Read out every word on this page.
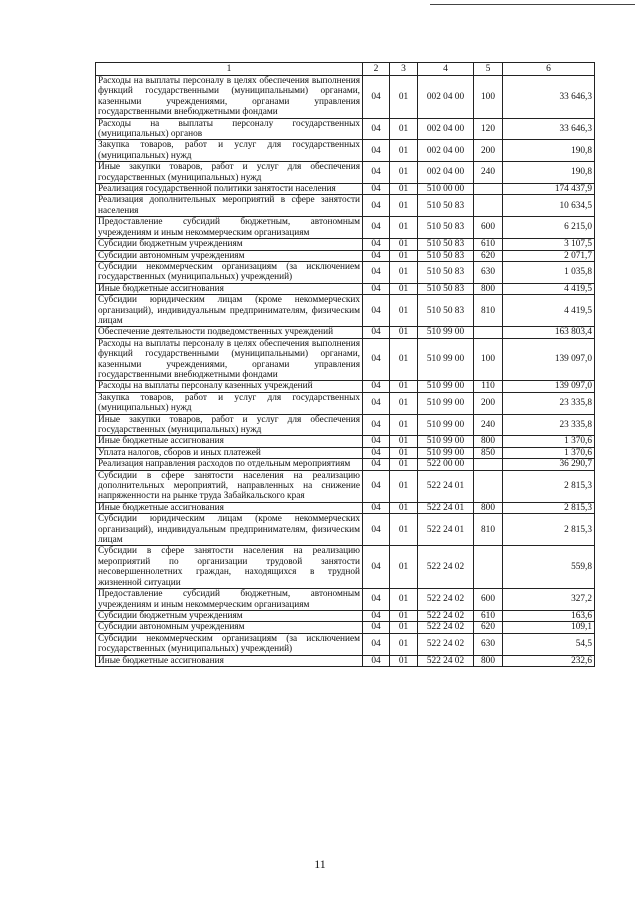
1	2	3	4	5	6
Расходы на выплаты персоналу в целях обеспечения выполнения функций государственными (муниципальными) органами, казенными учреждениями, органами управления государственными внебюджетными фондами	04	01	002 04 00	100	33 646,3
Расходы на выплаты персоналу государственных (муниципальных) органов	04	01	002 04 00	120	33 646,3
Закупка товаров, работ и услуг для государственных (муниципальных) нужд	04	01	002 04 00	200	190,8
Иные закупки товаров, работ и услуг для обеспечения государственных (муниципальных) нужд	04	01	002 04 00	240	190,8
Реализация государственной политики занятости населения	04	01	510 00 00		174 437,9
Реализация дополнительных мероприятий в сфере занятости населения	04	01	510 50 83		10 634,5
Предоставление субсидий бюджетным, автономным учреждениям и иным некоммерческим организациям	04	01	510 50 83	600	6 215,0
Субсидии бюджетным учреждениям	04	01	510 50 83	610	3 107,5
Субсидии автономным учреждениям	04	01	510 50 83	620	2 071,7
Субсидии некоммерческим организациям (за исключением государственных (муниципальных) учреждений)	04	01	510 50 83	630	1 035,8
Иные бюджетные ассигнования	04	01	510 50 83	800	4 419,5
Субсидии юридическим лицам (кроме некоммерческих организаций), индивидуальным предпринимателям, физическим лицам	04	01	510 50 83	810	4 419,5
Обеспечение деятельности подведомственных учреждений	04	01	510 99 00		163 803,4
Расходы на выплаты персоналу в целях обеспечения выполнения функций государственными (муниципальными) органами, казенными учреждениями, органами управления государственными внебюджетными фондами	04	01	510 99 00	100	139 097,0
Расходы на выплаты персоналу казенных учреждений	04	01	510 99 00	110	139 097,0
Закупка товаров, работ и услуг для государственных (муниципальных) нужд	04	01	510 99 00	200	23 335,8
Иные закупки товаров, работ и услуг для обеспечения государственных (муниципальных) нужд	04	01	510 99 00	240	23 335,8
Иные бюджетные ассигнования	04	01	510 99 00	800	1 370,6
Уплата налогов, сборов и иных платежей	04	01	510 99 00	850	1 370,6
Реализация направления расходов по отдельным мероприятиям	04	01	522 00 00		36 290,7
Субсидии в сфере занятости населения на реализацию дополнительных мероприятий, направленных на снижение напряженности на рынке труда Забайкальского края	04	01	522 24 01		2 815,3
Иные бюджетные ассигнования	04	01	522 24 01	800	2 815,3
Субсидии юридическим лицам (кроме некоммерческих организаций), индивидуальным предпринимателям, физическим лицам	04	01	522 24 01	810	2 815,3
Субсидии в сфере занятости населения на реализацию мероприятий по организации трудовой занятости несовершеннолетних граждан, находящихся в трудной жизненной ситуации	04	01	522 24 02		559,8
Предоставление субсидий бюджетным, автономным учреждениям и иным некоммерческим организациям	04	01	522 24 02	600	327,2
Субсидии бюджетным учреждениям	04	01	522 24 02	610	163,6
Субсидии автономным учреждениям	04	01	522 24 02	620	109,1
Субсидии некоммерческим организациям (за исключением государственных (муниципальных) учреждений)	04	01	522 24 02	630	54,5
Иные бюджетные ассигнования	04	01	522 24 02	800	232,6
11
